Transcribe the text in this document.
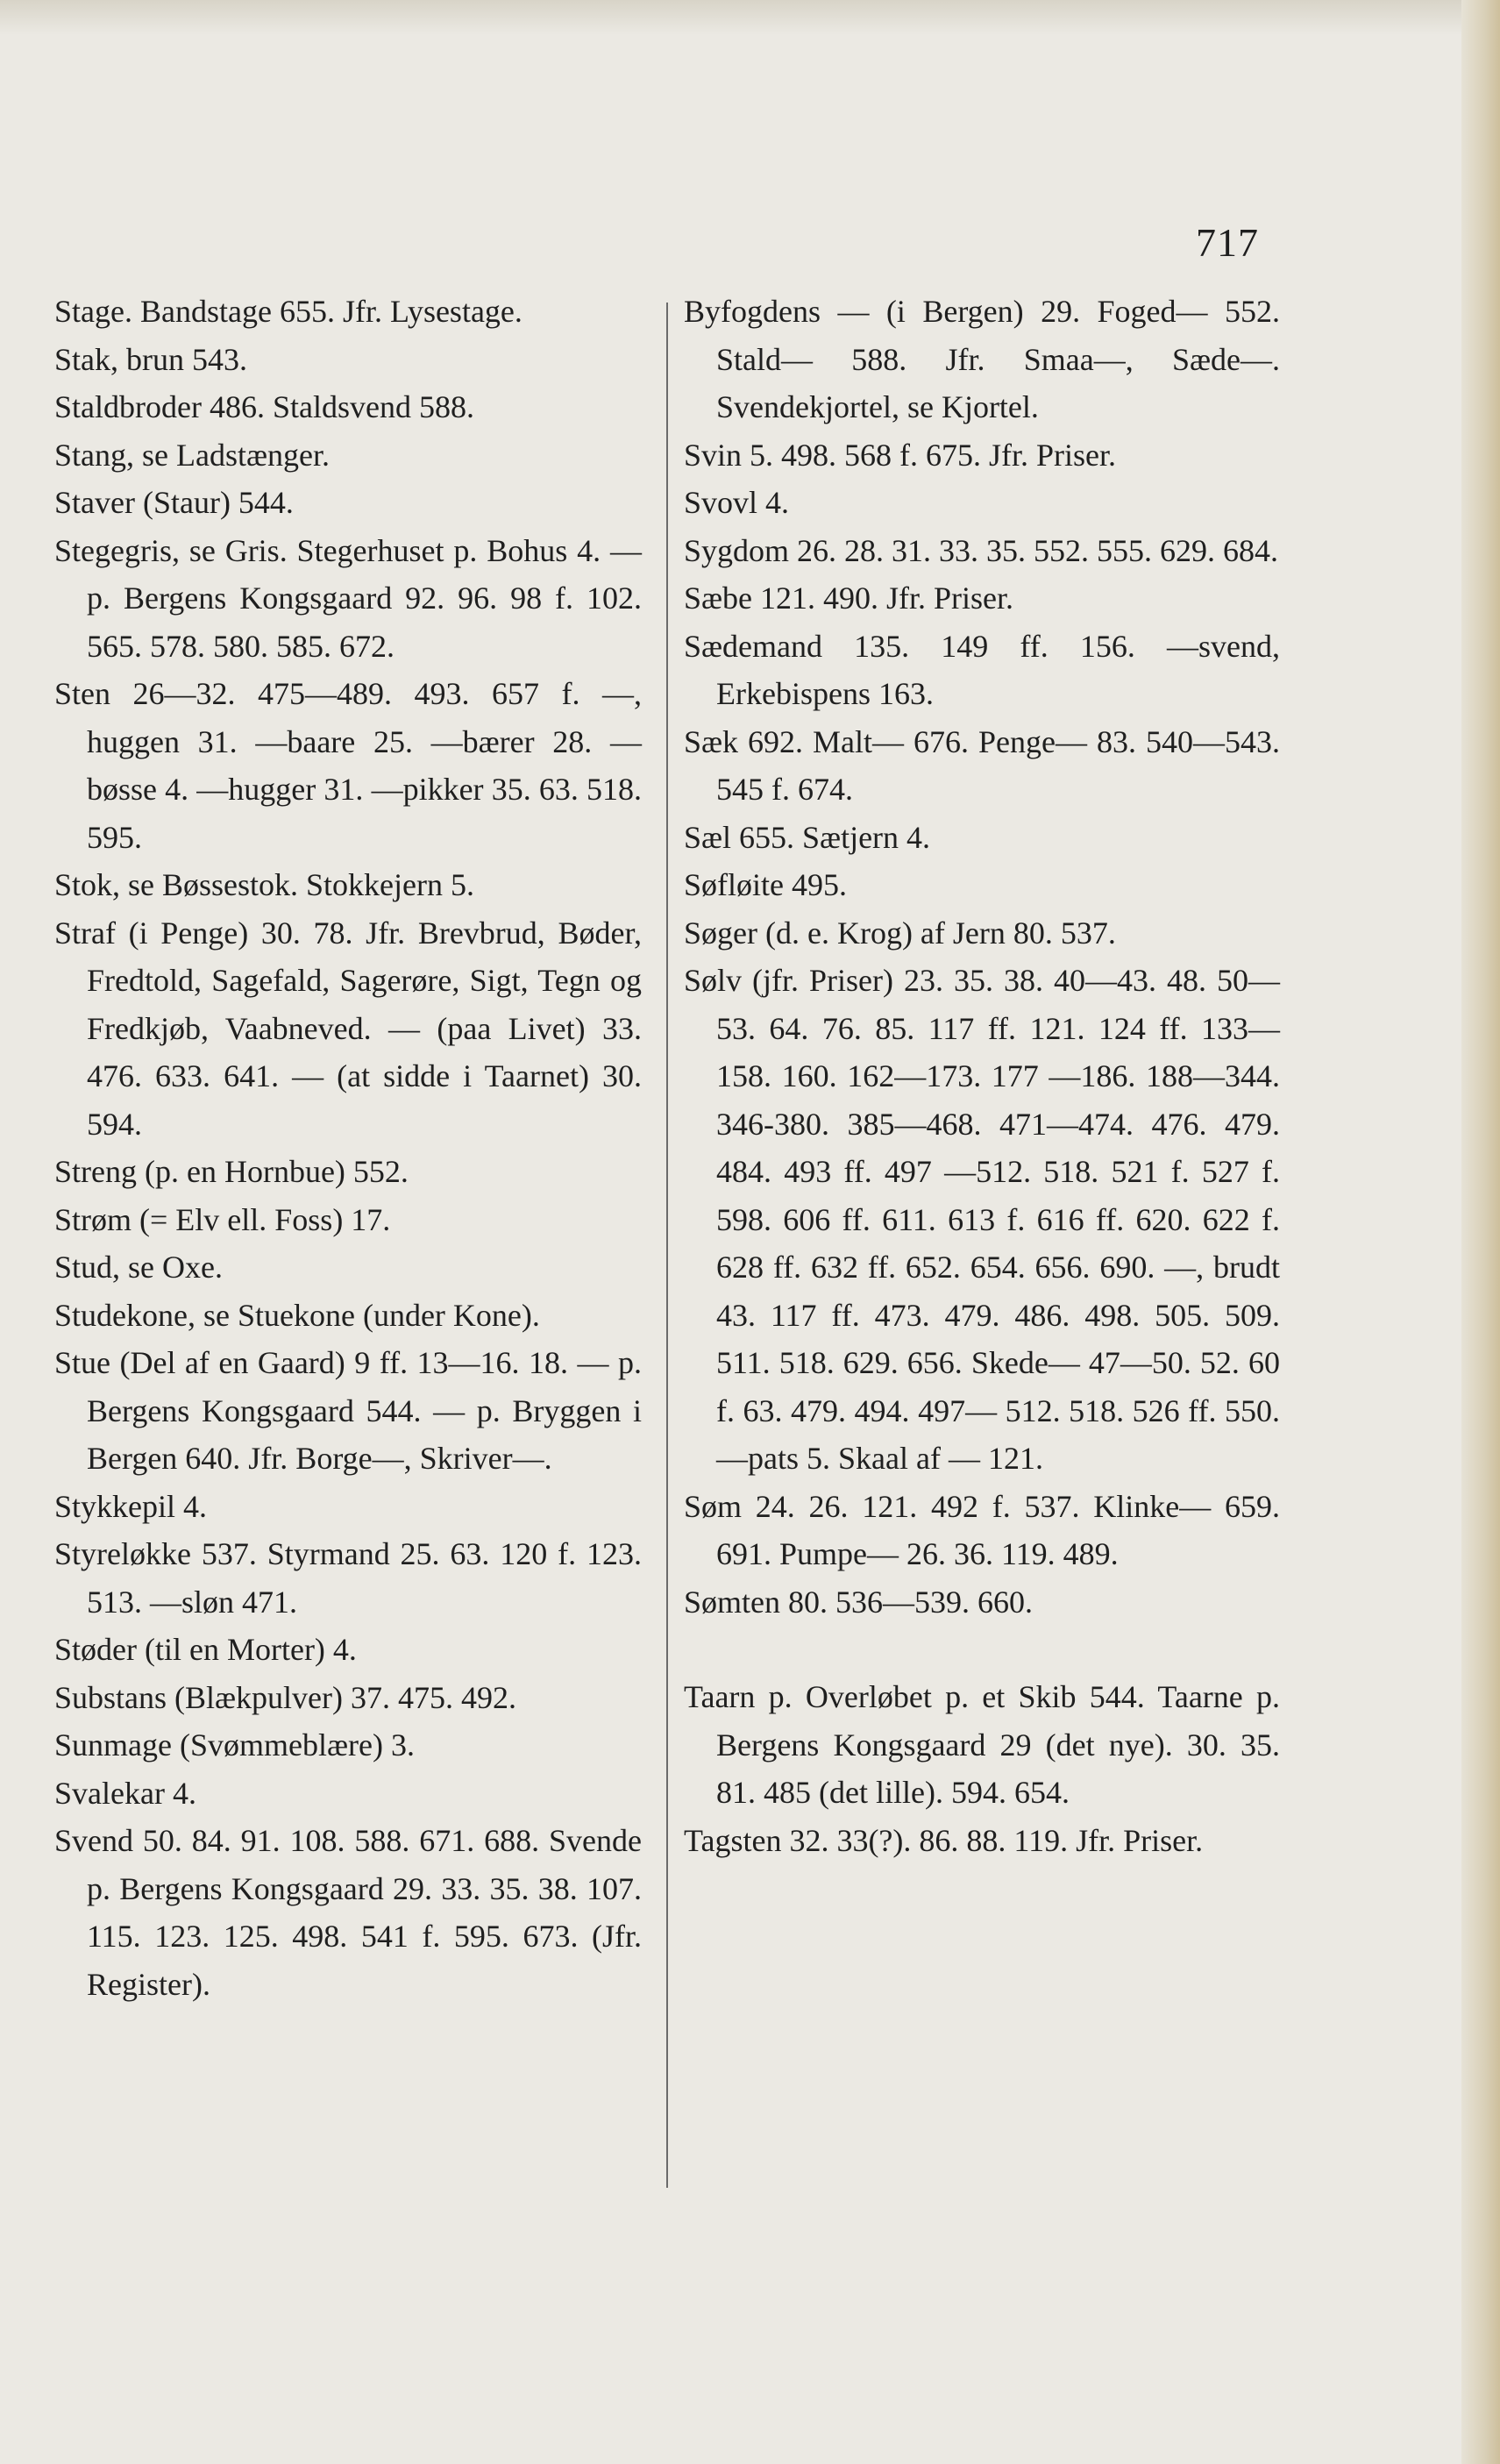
717
Stage. Bandstage 655. Jfr. Lysestage.
Stak, brun 543.
Staldbroder 486. Staldsvend 588.
Stang, se Ladstænger.
Staver (Staur) 544.
Stegegris, se Gris. Stegerhuset p. Bohus 4. — p. Bergens Kongsgaard 92. 96. 98 f. 102. 565. 578. 580. 585. 672.
Sten 26—32. 475—489. 493. 657 f. —, huggen 31. —baare 25. —bærer 28. —bøsse 4. —hugger 31. —pikker 35. 63. 518. 595.
Stok, se Bøssestok. Stokkejern 5.
Straf (i Penge) 30. 78. Jfr. Brevbrud, Bøder, Fredtold, Sagefald, Sagerøre, Sigt, Tegn og Fredkjøb, Vaabneved. — (paa Livet) 33. 476. 633. 641. — (at sidde i Taarnet) 30. 594.
Streng (p. en Hornbue) 552.
Strøm (= Elv ell. Foss) 17.
Stud, se Oxe.
Studekone, se Stuekone (under Kone).
Stue (Del af en Gaard) 9 ff. 13—16. 18. — p. Bergens Kongsgaard 544. — p. Bryggen i Bergen 640. Jfr. Borge—, Skriver—.
Stykkepil 4.
Styreløkke 537. Styrmand 25. 63. 120 f. 123. 513. —sløn 471.
Støder (til en Morter) 4.
Substans (Blækpulver) 37. 475. 492.
Sunmage (Svømmeblære) 3.
Svalekar 4.
Svend 50. 84. 91. 108. 588. 671. 688. Svende p. Bergens Kongsgaard 29. 33. 35. 38. 107. 115. 123. 125. 498. 541 f. 595. 673. (Jfr. Register).
Byfogdens — (i Bergen) 29. Foged— 552. Stald— 588. Jfr. Smaa—, Sæde—. Svendekjortel, se Kjortel.
Svin 5. 498. 568 f. 675. Jfr. Priser.
Svovl 4.
Sygdom 26. 28. 31. 33. 35. 552. 555. 629. 684.
Sæbe 121. 490. Jfr. Priser.
Sædemand 135. 149 ff. 156. —svend, Erkebispens 163.
Sæk 692. Malt— 676. Penge— 83. 540—543. 545 f. 674.
Sæl 655. Sætjern 4.
Søfløite 495.
Søger (d. e. Krog) af Jern 80. 537.
Sølv (jfr. Priser) 23. 35. 38. 40—43. 48. 50—53. 64. 76. 85. 117 ff. 121. 124 ff. 133—158. 160. 162—173. 177 —186. 188—344. 346-380. 385—468. 471—474. 476. 479. 484. 493 ff. 497 —512. 518. 521 f. 527 f. 598. 606 ff. 611. 613 f. 616 ff. 620. 622 f. 628 ff. 632 ff. 652. 654. 656. 690. —, brudt 43. 117 ff. 473. 479. 486. 498. 505. 509. 511. 518. 629. 656. Skede— 47—50. 52. 60 f. 63. 479. 494. 497— 512. 518. 526 ff. 550. —pats 5. Skaal af — 121.
Søm 24. 26. 121. 492 f. 537. Klinke— 659. 691. Pumpe— 26. 36. 119. 489.
Sømten 80. 536—539. 660.
Taarn p. Overløbet p. et Skib 544. Taarne p. Bergens Kongsgaard 29 (det nye). 30. 35. 81. 485 (det lille). 594. 654.
Tagsten 32. 33(?). 86. 88. 119. Jfr. Priser.
